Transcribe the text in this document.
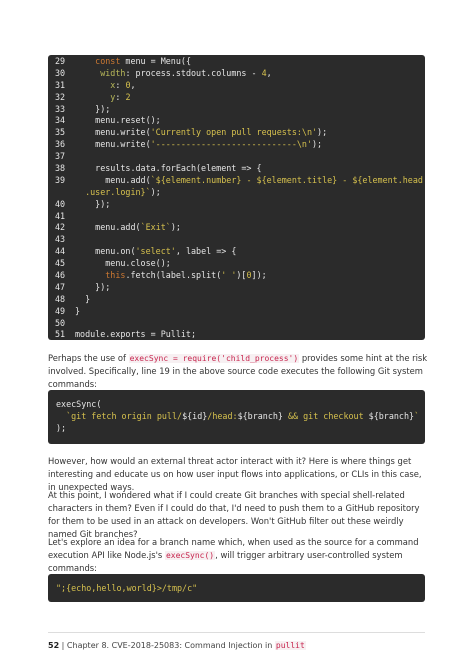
29	const menu = Menu({
30	width: process.stdout.columns - 4,
31	x: 0,
32	y: 2
33    });
34    menu.reset();
35    menu.write('Currently open pull requests:\n');
36    menu.write('----------------------------\n');
37
38    results.data.forEach(element => {
39      menu.add(`${element.number} - ${element.title} - ${element.head
.user.login}`);
40    });
41
42    menu.add(`Exit`);
43
44    menu.on('select', label => {
45      menu.close();
46	this.fetch(label.split(' ')[0]);
47    });
48  }
49 }
50
51 module.exports = Pullit;

Perhaps the use of execSync = require('child_process') provides some hint at the risk involved. Specifically, line 19 in the above source code executes the following Git system commands:

execSync(
`git fetch origin pull/${id}/head:${branch} && git checkout ${branch}`
);

However, how would an external threat actor interact with it? Here is where things get interesting and educate us on how user input flows into applications, or CLIs in this case, in unexpected ways.

At this point, I wondered what if I could create Git branches with special shell-related characters in them? Even if I could do that, I'd need to push them to a GitHub repository for them to be used in an attack on developers. Won't GitHub filter out these weirdly named Git branches?

Let's explore an idea for a branch name which, when used as the source for a command execution API like Node.js's execSync(), will trigger arbitrary user-controlled system commands:

";{echo,hello,world}>/tmp/c"
52 | Chapter 8. CVE-2018-25083: Command Injection in pullit
